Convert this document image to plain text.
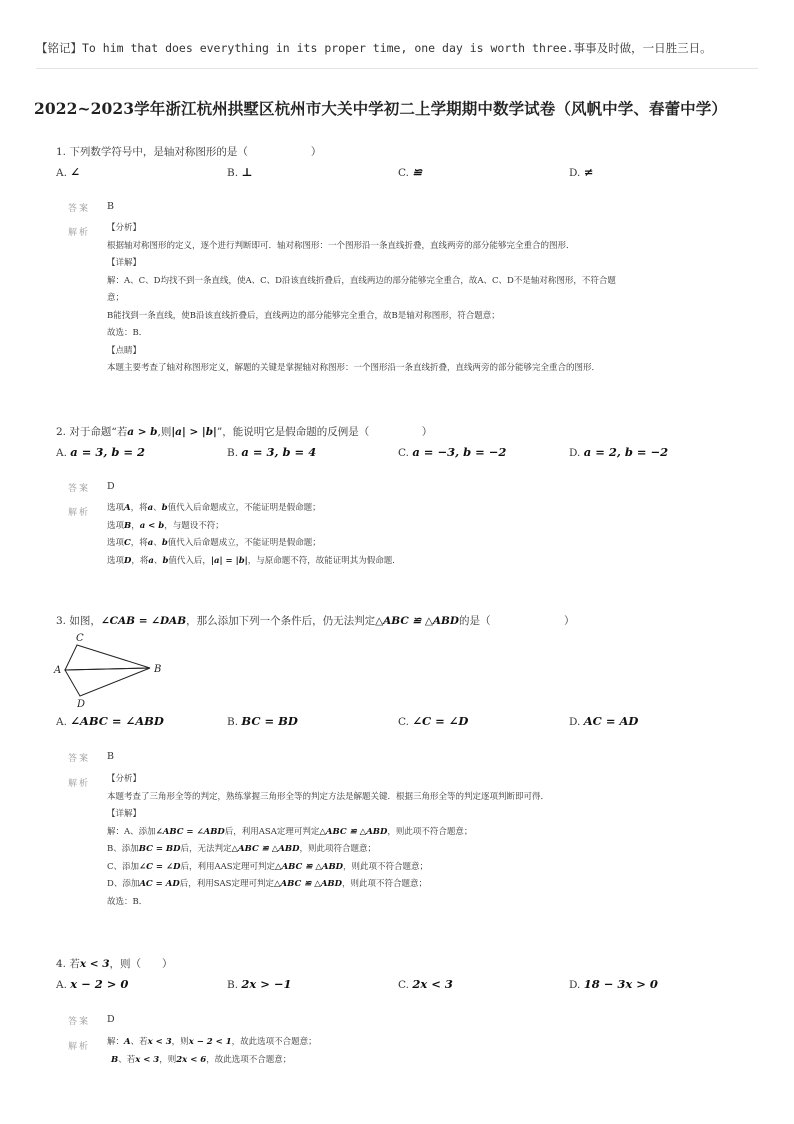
【铭记】To him that does everything in its proper time, one day is worth three.事事及时做，一日胜三日。
2022~2023学年浙江杭州拱墅区杭州市大关中学初二上学期期中数学试卷（风帆中学、春蕾中学）
1. 下列数学符号中，是轴对称图形的是（　　　　　　）
A. ∠	B. ⊥	C. ≌	D. ≠
答案 B
解析 【分析】
根据轴对称图形的定义，逐个进行判断即可．轴对称图形：一个图形沿一条直线折叠，直线两旁的部分能够完全重合的图形．
【详解】
解：A、C、D均找不到一条直线，使A、C、D沿该直线折叠后，直线两边的部分能够完全重合，故A、C、D不是轴对称图形，不符合题
意；
B能找到一条直线，使B沿该直线折叠后，直线两边的部分能够完全重合，故B是轴对称图形，符合题意；
故选：B．
【点睛】
本题主要考查了轴对称图形定义，解题的关键是掌握轴对称图形：一个图形沿一条直线折叠，直线两旁的部分能够完全重合的图形．
2. 对于命题“若a > b,则|a| > |b|”，能说明它是假命题的反例是（　　　　　）
A. a = 3, b = 2	B. a = 3, b = 4	C. a = −3, b = −2	D. a = 2, b = −2
答案 D
解析 选项A，将a、b值代入后命题成立，不能证明是假命题；
选项B，a < b，与题设不符；
选项C，将a、b值代入后命题成立，不能证明是假命题；
选项D，将a、b值代入后，|a| = |b|，与原命题不符，故能证明其为假命题．
3. 如图，∠CAB = ∠DAB，那么添加下列一个条件后，仍无法判定△ABC ≌ △ABD的是（　　　　　　　）
C
A	B
D
A. ∠ABC = ∠ABD	B. BC = BD	C. ∠C = ∠D	D. AC = AD
答案 B
解析 【分析】
本题考查了三角形全等的判定，熟练掌握三角形全等的判定方法是解题关键．根据三角形全等的判定逐项判断即可得．
【详解】
解：A、添加∠ABC = ∠ABD后，利用ASA定理可判定△ABC ≌ △ABD，则此项不符合题意；
B、添加BC = BD后，无法判定△ABC ≌ △ABD，则此项符合题意；
C、添加∠C = ∠D后，利用AAS定理可判定△ABC ≌ △ABD，则此项不符合题意；
D、添加AC = AD后，利用SAS定理可判定△ABC ≌ △ABD，则此项不符合题意；
故选：B．
4. 若x < 3，则（　　）
A. x − 2 > 0	B. 2x > −1	C. 2x < 3	D. 18 − 3x > 0
答案 D
解析 解：A、若x < 3，则x − 2 < 1，故此选项不合题意；
B、若x < 3，则2x < 6，故此选项不合题意；
